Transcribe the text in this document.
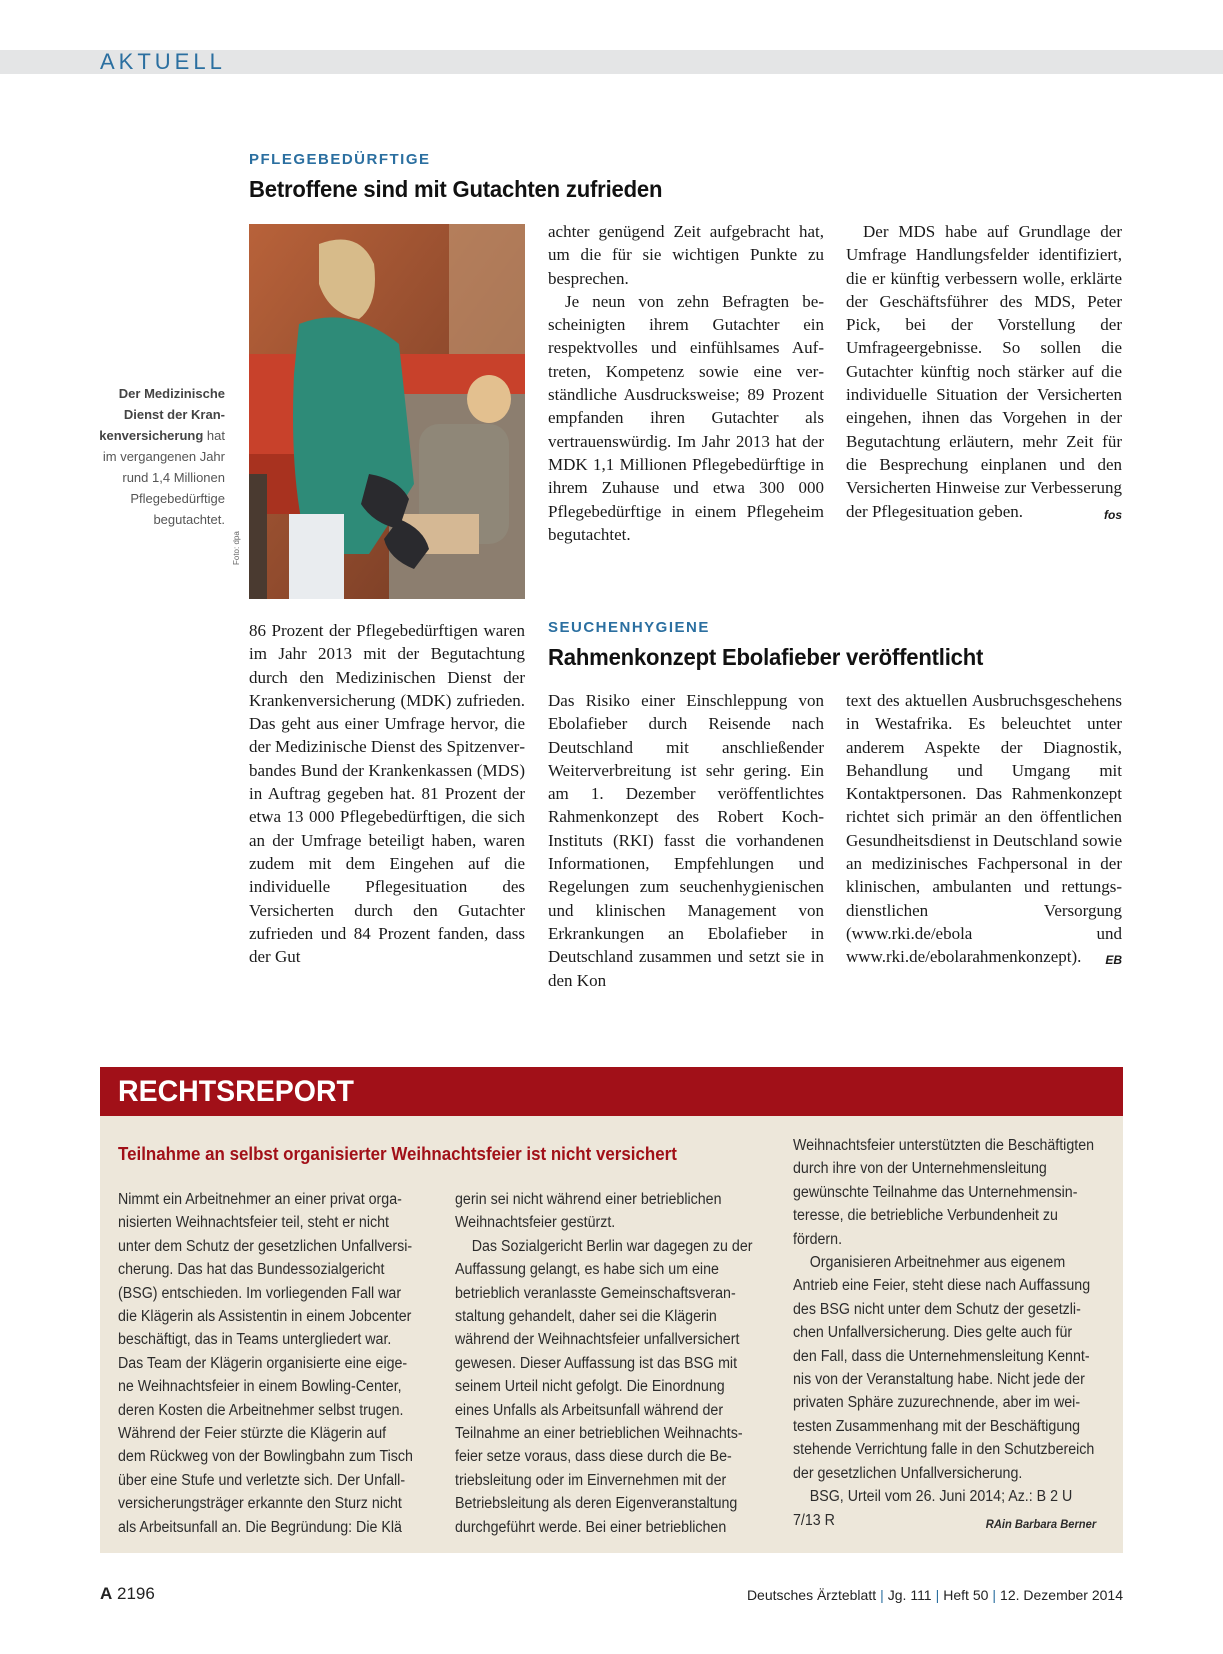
AKTUELL
PFLEGEBEDÜRFTIGE
Betroffene sind mit Gutachten zufrieden
Der Medizinische Dienst der Krankenversicherung hat im vergangenen Jahr rund 1,4 Millionen Pflegebedürftige begutachtet.
Foto: dpa

86 Prozent der Pflegebedürftigen waren im Jahr 2013 mit der Begutachtung durch den Medizinischen Dienst der Krankenversicherung (MDK) zufrieden. Das geht aus einer Umfrage hervor, die der Medizinische Dienst des Spitzenverbandes Bund der Krankenkassen (MDS) in Auftrag gegeben hat. 81 Prozent der etwa 13 000 Pflegebedürftigen, die sich an der Umfrage beteiligt haben, waren zudem mit dem Eingehen auf die individuelle Pflegesituation des Versicherten durch den Gutachter zufrieden und 84 Prozent fanden, dass der Gut

achter genügend Zeit aufgebracht hat, um die für sie wichtigen Punkte zu besprechen.

Je neun von zehn Befragten bescheinigten ihrem Gutachter ein respektvolles und einfühlsames Auftreten, Kompetenz sowie eine verständliche Ausdrucksweise; 89 Prozent empfanden ihren Gutachter als vertrauenswürdig. Im Jahr 2013 hat der MDK 1,1 Millionen Pflegebedürftige in ihrem Zuhause und etwa 300 000 Pflegebedürftige in einem Pflegeheim begutachtet.

Der MDS habe auf Grundlage der Umfrage Handlungsfelder identifiziert, die er künftig verbessern wolle, erklärte der Geschäftsführer des MDS, Peter Pick, bei der Vorstellung der Umfrageergebnisse. So sollen die Gutachter künftig noch stärker auf die individuelle Situation der Versicherten eingehen, ihnen das Vorgehen in der Begutachtung erläutern, mehr Zeit für die Besprechung einplanen und den Versicherten Hinweise zur Verbesserung der Pflegesituation geben.	fos

SEUCHENHYGIENE
Rahmenkonzept Ebolafieber veröffentlicht

Das Risiko einer Einschleppung von Ebolafieber durch Reisende nach Deutschland mit anschließender Weiterverbreitung ist sehr gering. Ein am 1. Dezember veröffentlichtes Rahmenkonzept des Robert Koch-Instituts (RKI) fasst die vorhandenen Informationen, Empfehlungen und Regelungen zum seuchenhygienischen und klinischen Management von Erkrankungen an Ebolafieber in Deutschland zusammen und setzt sie in den Kon

text des aktuellen Ausbruchsgeschehens in Westafrika. Es beleuchtet unter anderem Aspekte der Diagnostik, Behandlung und Umgang mit Kontaktpersonen. Das Rahmenkonzept richtet sich primär an den öffentlichen Gesundheitsdienst in Deutschland sowie an medizinisches Fachpersonal in der klinischen, ambulanten und rettungsdienstlichen Versorgung (www.rki.de/ebola und www.rki.de/ebolarahmenkonzept). EB

RECHTSREPORT
Teilnahme an selbst organisierter Weihnachtsfeier ist nicht versichert

Nimmt ein Arbeitnehmer an einer privat organisierten Weihnachtsfeier teil, steht er nicht unter dem Schutz der gesetzlichen Unfallversicherung. Das hat das Bundessozialgericht (BSG) entschieden. Im vorliegenden Fall war die Klägerin als Assistentin in einem Jobcenter beschäftigt, das in Teams untergliedert war. Das Team der Klägerin organisierte eine eigene Weihnachtsfeier in einem Bowling-Center, deren Kosten die Arbeitnehmer selbst trugen. Während der Feier stürzte die Klägerin auf dem Rückweg von der Bowlingbahn zum Tisch über eine Stufe und verletzte sich. Der Unfallversicherungsträger erkannte den Sturz nicht als Arbeitsunfall an. Die Begründung: Die Klä

gerin sei nicht während einer betrieblichen Weihnachtsfeier gestürzt.

Das Sozialgericht Berlin war dagegen zu der Auffassung gelangt, es habe sich um eine betrieblich veranlasste Gemeinschaftsveranstaltung gehandelt, daher sei die Klägerin während der Weihnachtsfeier unfallversichert gewesen. Dieser Auffassung ist das BSG mit seinem Urteil nicht gefolgt. Die Einordnung eines Unfalls als Arbeitsunfall während der Teilnahme an einer betrieblichen Weihnachtsfeier setze voraus, dass diese durch die Betriebsleitung oder im Einvernehmen mit der Betriebsleitung als deren Eigenveranstaltung durchgeführt werde. Bei einer betrieblichen

Weihnachtsfeier unterstützten die Beschäftigten durch ihre von der Unternehmensleitung gewünschte Teilnahme das Unternehmensinteresse, die betriebliche Verbundenheit zu fördern.

Organisieren Arbeitnehmer aus eigenem Antrieb eine Feier, steht diese nach Auffassung des BSG nicht unter dem Schutz der gesetzlichen Unfallversicherung. Dies gelte auch für den Fall, dass die Unternehmensleitung Kenntnis von der Veranstaltung habe. Nicht jede der privaten Sphäre zuzurechnende, aber im weitesten Zusammenhang mit der Beschäftigung stehende Verrichtung falle in den Schutzbereich der gesetzlichen Unfallversicherung.

BSG, Urteil vom 26. Juni 2014; Az.: B 2 U 7/13 R	RAin Barbara Berner

A 2196	Deutsches Ärzteblatt | Jg. 111 | Heft 50 | 12. Dezember 2014
